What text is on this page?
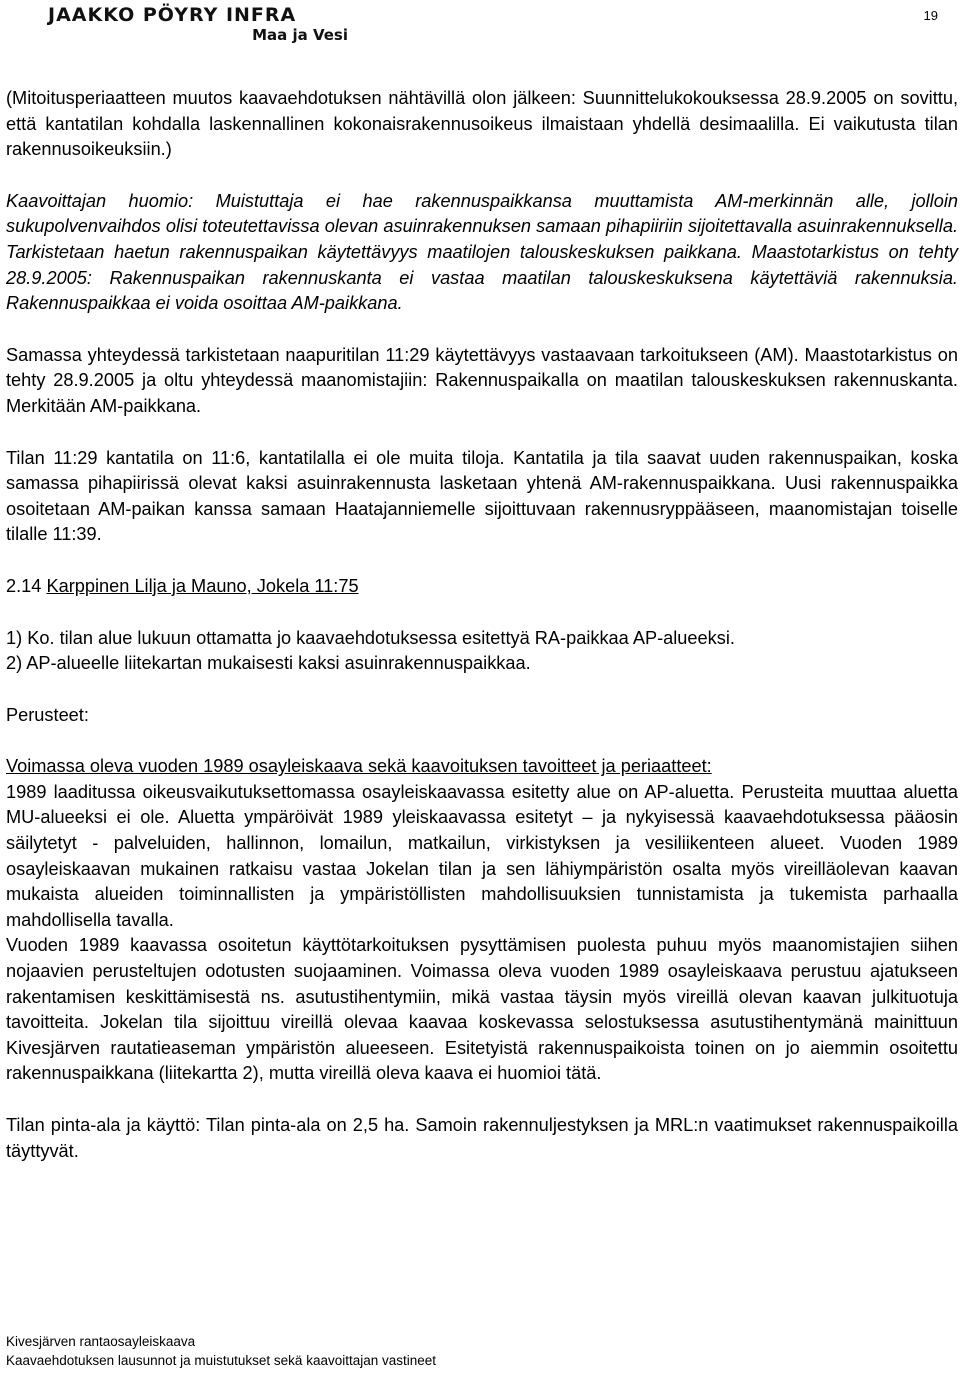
JAAKKO PÖYRY INFRA
Maa ja Vesi
19

(Mitoitusperiaatteen muutos kaavaehdotuksen nähtävillä olon jälkeen: Suunnittelukokouksessa 28.9.2005 on sovittu, että kantatilan kohdalla laskennallinen kokonaisrakennusoikeus ilmaistaan yhdellä desimaalilla. Ei vaikutusta tilan rakennusoikeuksiin.)

Kaavoittajan huomio: Muistuttaja ei hae rakennuspaikkansa muuttamista AM-merkinnän alle, jolloin sukupolvenvaihdos olisi toteutettavissa olevan asuinrakennuksen samaan pihapiiriin sijoitettavalla asuinrakennuksella. Tarkistetaan haetun rakennuspaikan käytettävyys maatilojen talouskeskuksen paikkana. Maastotarkistus on tehty 28.9.2005: Rakennuspaikan rakennuskanta ei vastaa maatilan talouskeskuksena käytettäviä rakennuksia. Rakennuspaikkaa ei voida osoittaa AM-paikkana.

Samassa yhteydessä tarkistetaan naapuritilan 11:29 käytettävyys vastaavaan tarkoitukseen (AM). Maastotarkistus on tehty 28.9.2005 ja oltu yhteydessä maanomistajiin: Rakennuspaikalla on maatilan talouskeskuksen rakennuskanta. Merkitään AM-paikkana.

Tilan 11:29 kantatila on 11:6, kantatilalla ei ole muita tiloja. Kantatila ja tila saavat uuden rakennuspaikan, koska samassa pihapiirissä olevat kaksi asuinrakennusta lasketaan yhtenä AM-rakennuspaikkana. Uusi rakennuspaikka osoitetaan AM-paikan kanssa samaan Haatajanniemelle sijoittuvaan rakennusryppääseen, maanomistajan toiselle tilalle 11:39.

2.14 Karppinen Lilja ja Mauno, Jokela 11:75

1) Ko. tilan alue lukuun ottamatta jo kaavaehdotuksessa esitettyä RA-paikkaa AP-alueeksi.

2) AP-alueelle liitekartan mukaisesti kaksi asuinrakennuspaikkaa.

Perusteet:

Voimassa oleva vuoden 1989 osayleiskaava sekä kaavoituksen tavoitteet ja periaatteet:

1989 laaditussa oikeusvaikutuksettomassa osayleiskaavassa esitetty alue on AP-aluetta. Perusteita muuttaa aluetta MU-alueeksi ei ole. Aluetta ympäröivät 1989 yleiskaavassa esitetyt – ja nykyisessä kaavaehdotuksessa pääosin säilytetyt - palveluiden, hallinnon, lomailun, matkailun, virkistyksen ja vesiliikenteen alueet. Vuoden 1989 osayleiskaavan mukainen ratkaisu vastaa Jokelan tilan ja sen lähiympäristön osalta myös vireilläolevan kaavan mukaista alueiden toiminnallisten ja ympäristöllisten mahdollisuuksien tunnistamista ja tukemista parhaalla mahdollisella tavalla.

Vuoden 1989 kaavassa osoitetun käyttötarkoituksen pysyttämisen puolesta puhuu myös maanomistajien siihen nojaavien perusteltujen odotusten suojaaminen. Voimassa oleva vuoden 1989 osayleiskaava perustuu ajatukseen rakentamisen keskittämisestä ns. asutustihentymiin, mikä vastaa täysin myös vireillä olevan kaavan julkituotuja tavoitteita. Jokelan tila sijoittuu vireillä olevaa kaavaa koskevassa selostuksessa asutustihentymänä mainittuun Kivesjärven rautatieaseman ympäristön alueeseen. Esitetyistä rakennuspaikoista toinen on jo aiemmin osoitettu rakennuspaikkana (liitekartta 2), mutta vireillä oleva kaava ei huomioi tätä.

Tilan pinta-ala ja käyttö: Tilan pinta-ala on 2,5 ha. Samoin rakennuljestyksen ja MRL:n vaatimukset rakennuspaikoilla täyttyvät.

Kivesjärven rantaosayleiskaava
Kaavaehdotuksen lausunnot ja muistutukset sekä kaavoittajan vastineet
